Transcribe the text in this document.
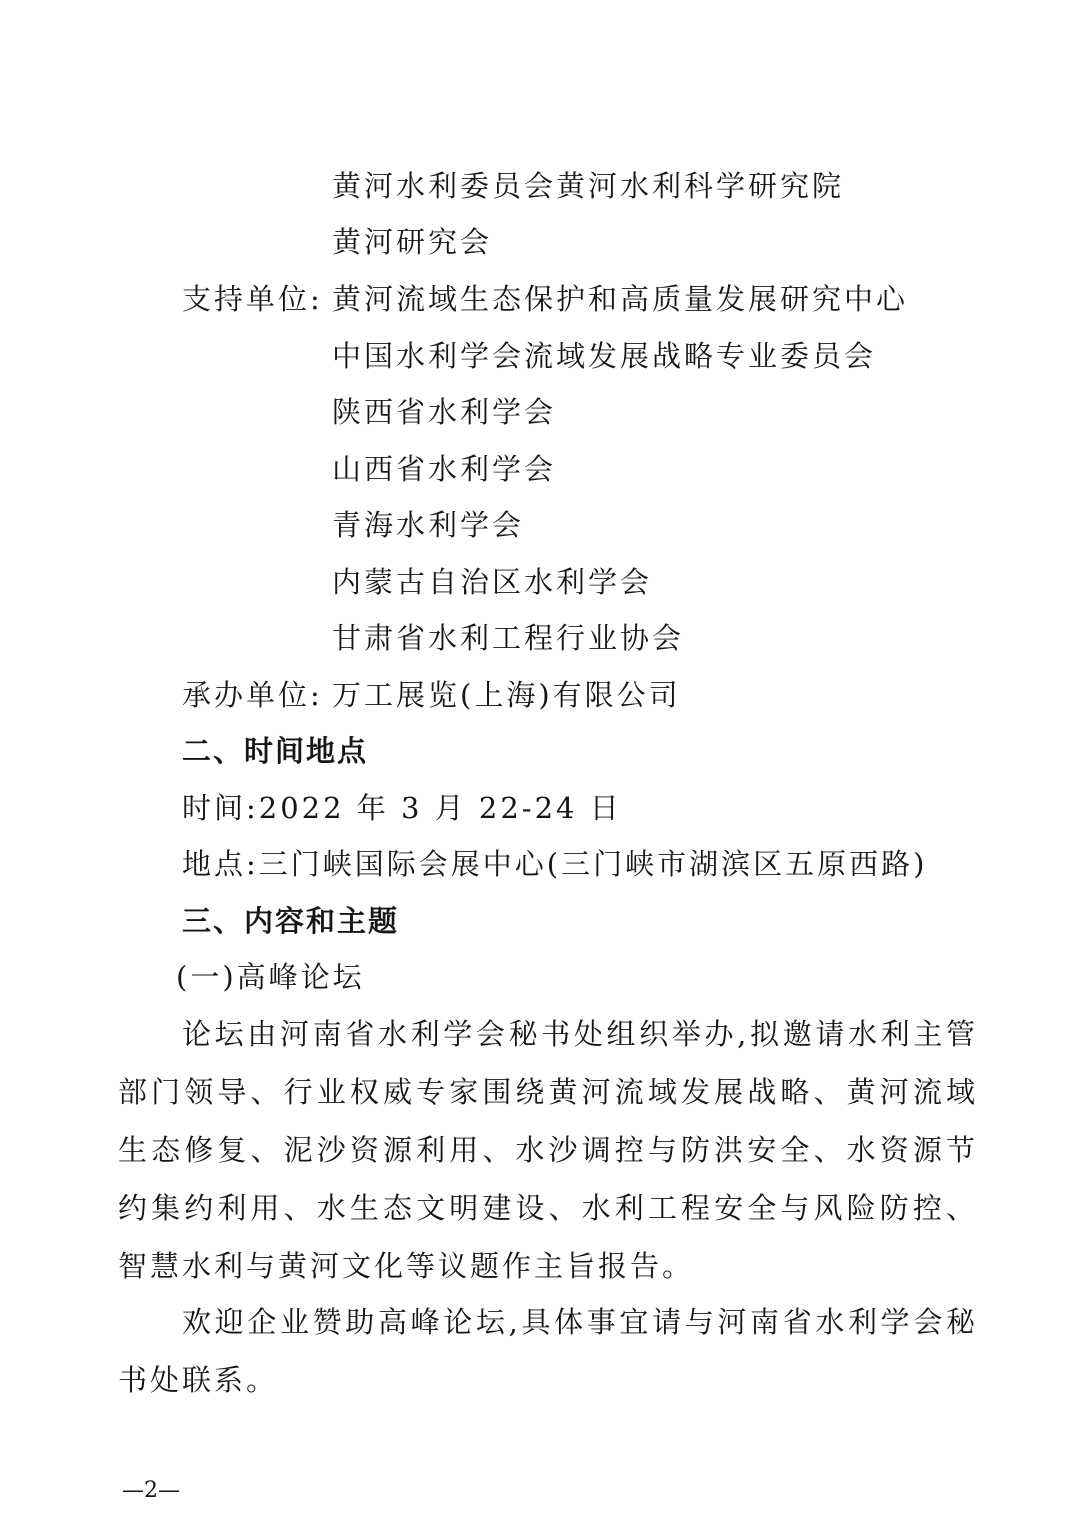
黄河水利委员会黄河水利科学研究院
黄河研究会
支持单位: 黄河流域生态保护和高质量发展研究中心
中国水利学会流域发展战略专业委员会
陕西省水利学会
山西省水利学会
青海水利学会
内蒙古自治区水利学会
甘肃省水利工程行业协会
承办单位: 万工展览(上海)有限公司
二、时间地点
时间:2022 年 3 月 22-24 日
地点:三门峡国际会展中心(三门峡市湖滨区五原西路)
三、内容和主题
(一)高峰论坛
论坛由河南省水利学会秘书处组织举办,拟邀请水利主管部门领导、行业权威专家围绕黄河流域发展战略、黄河流域生态修复、泥沙资源利用、水沙调控与防洪安全、水资源节约集约利用、水生态文明建设、水利工程安全与风险防控、智慧水利与黄河文化等议题作主旨报告。
欢迎企业赞助高峰论坛,具体事宜请与河南省水利学会秘书处联系。
—2—
